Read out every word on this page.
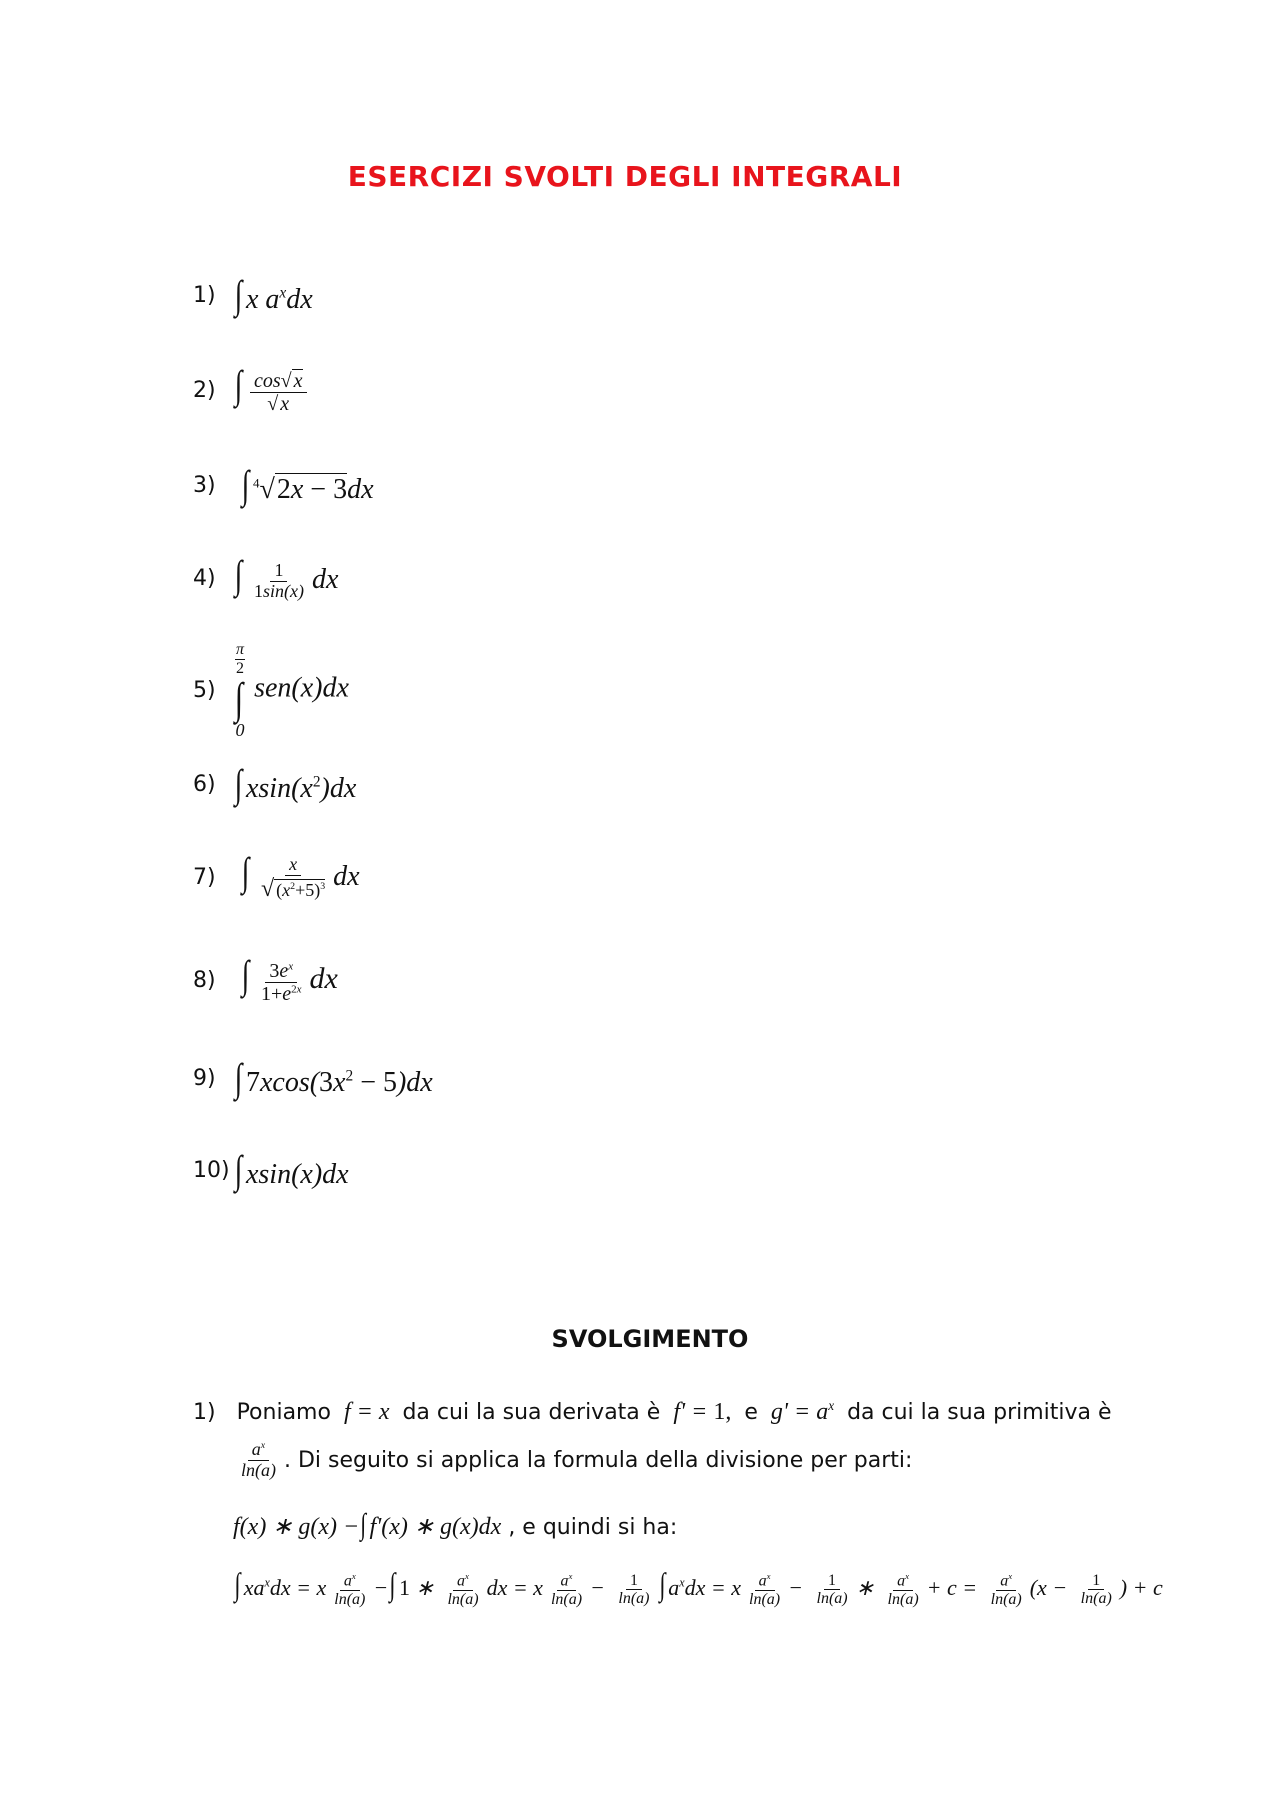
ESERCIZI SVOLTI DEGLI INTEGRALI
1) ∫ x $a^xdx$
2) ∫ $\frac{\cos√ x}{√ x}$
3) ∫ $^4$√2x − 3dx
4) ∫ $\frac{1}{1\sin(x)}$ dx
5)
$\frac{\pi}{2}$
∫
0
sen(x)dx
6) ∫ $xsin(x^2)dx$
7) ∫ $\frac{x}{√ (x^2+5)^3}$ dx
8) ∫ $\frac{3e^x}{1+e^{2x}}$ dx
9) ∫ $7xcos(3x^2 - 5)dx$
10) ∫ xsin(x)dx
SVOLGIMENTO
1) Poniamo  f = x  da cui la sua derivata è  f' = 1, e  $g' = a^x$ da cui la sua primitiva è
$\frac{a^x}{\ln(a)}$ . Di seguito si applica la formula della divisione per parti:
f(x) ∗ g(x) −∫ f'(x) ∗ g(x)dx , e quindi si ha:
∫ $xa^xdx = x \frac{a^x}{\ln(a)}$ −∫ 1 ∗ $\frac{a^x}{\ln(a)}$ dx = x $\frac{a^x}{\ln(a)} - \frac{1}{\ln(a)}$ ∫ $a^xdx = x \frac{a^x}{\ln(a)} - \frac{1}{\ln(a)}$ ∗ $\frac{a^x}{\ln(a)} + c = \frac{a^x}{\ln(a)} (x - \frac{1}{\ln(a)}$ ) + c
